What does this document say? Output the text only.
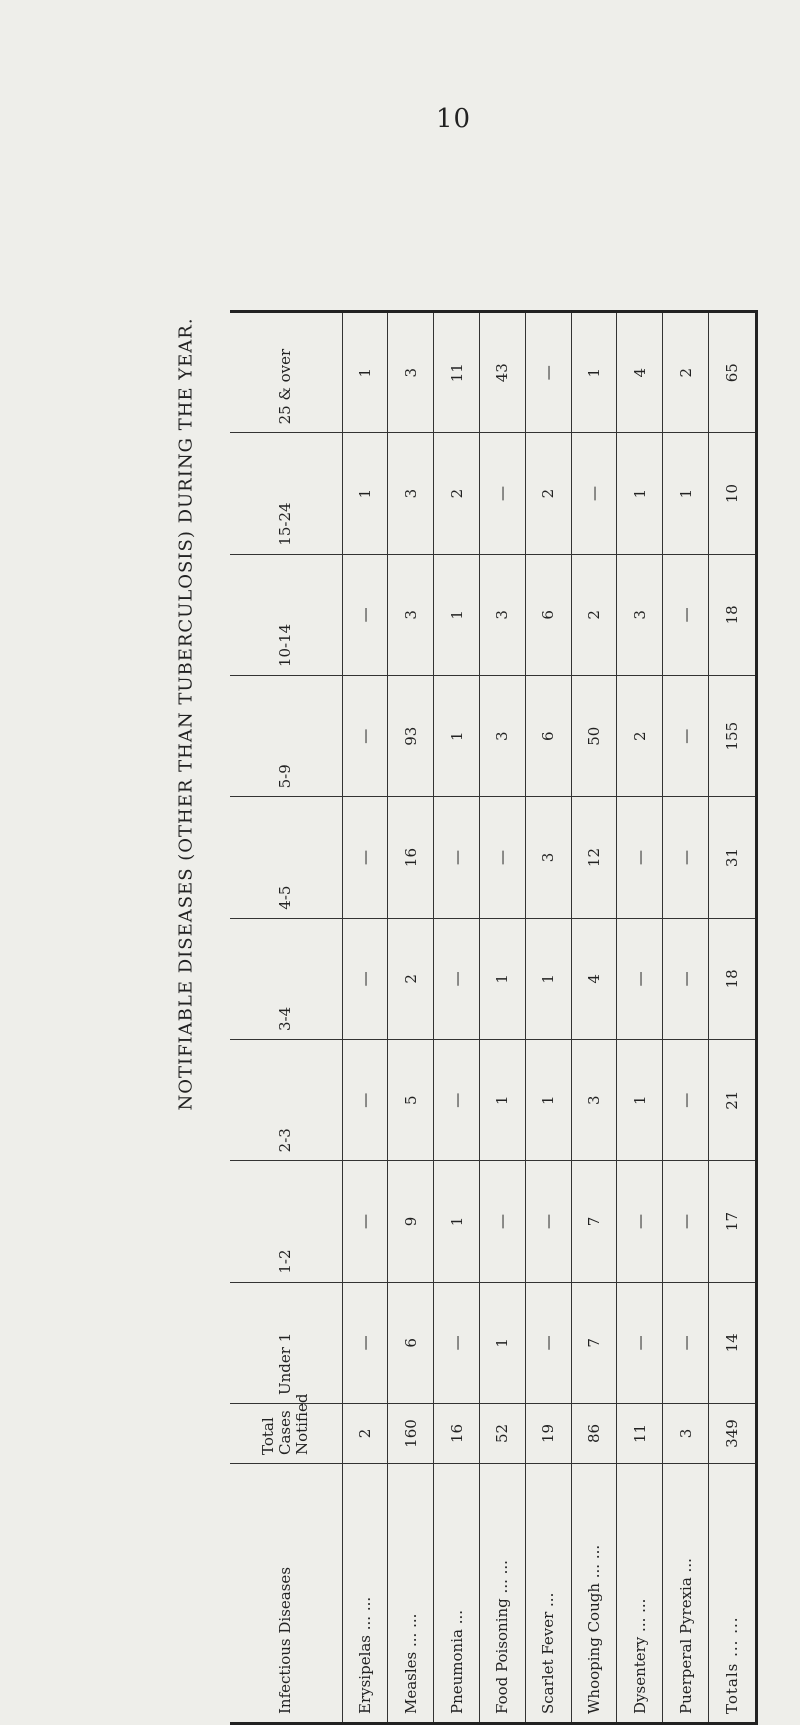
10
NOTIFIABLE DISEASES (OTHER THAN TUBERCULOSIS) DURING THE YEAR.
Infectious Diseases	Total Cases Notified	Under 1	1-2	2-3	3-4	4-5	5-9	10-14	15-24	25 & over
Erysipelas ... ...	2	—	—	—	—	—	—	—	1	1
Measles ... ...	160	6	9	5	2	16	93	3	3	3
Pneumonia ...	16	—	1	—	—	—	1	1	2	11
Food Poisoning ... ...	52	1	—	1	1	—	3	3	—	43
Scarlet Fever ...	19	—	—	1	1	3	6	6	2	—
Whooping Cough ... ...	86	7	7	3	4	12	50	2	—	1
Dysentery ... ...	11	—	—	1	—	—	2	3	1	4
Puerperal Pyrexia ...	3	—	—	—	—	—	—	—	1	2
Totals ... ...	349	14	17	21	18	31	155	18	10	65
